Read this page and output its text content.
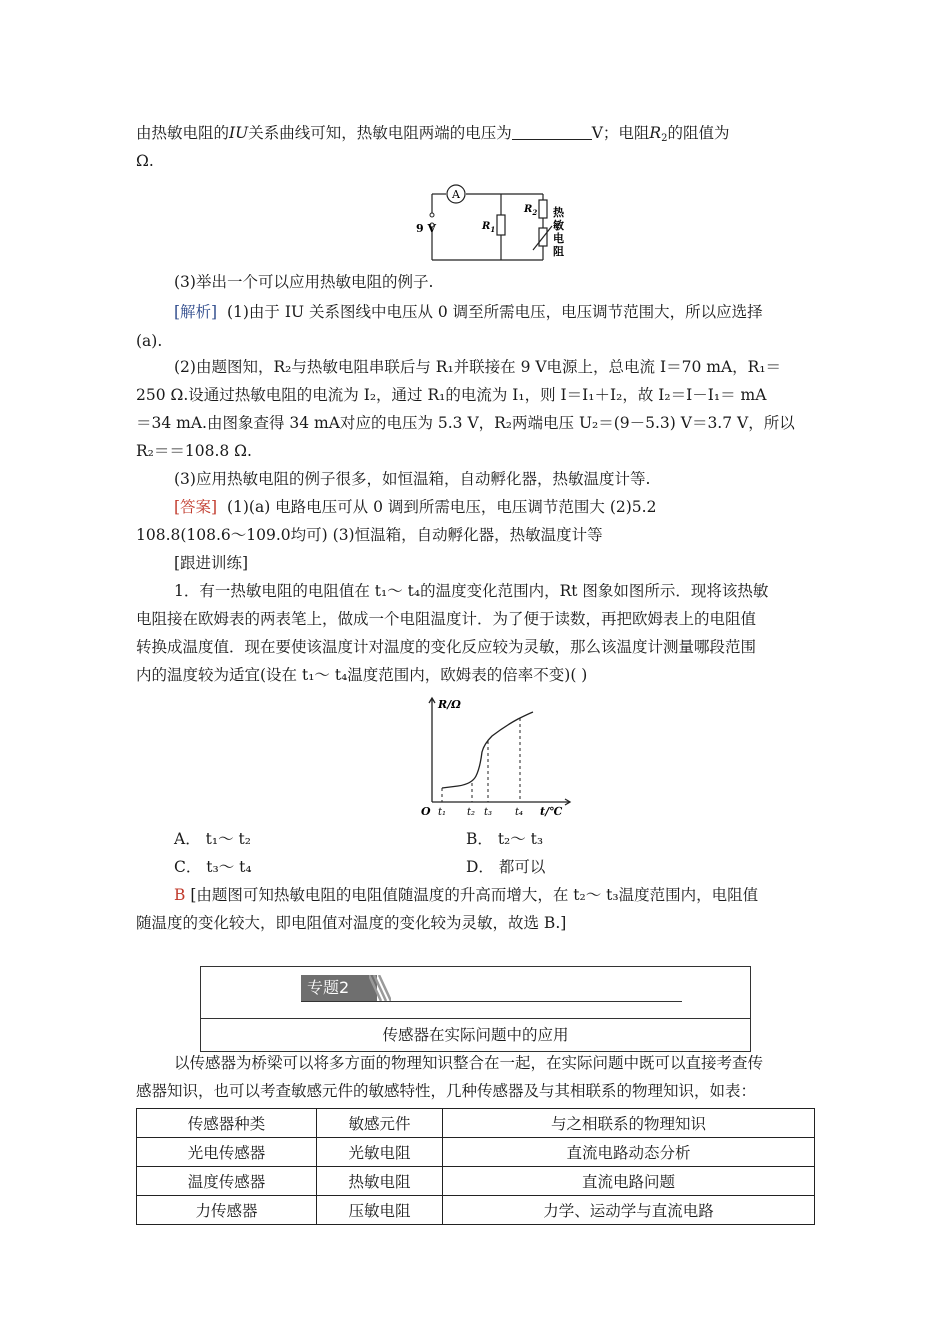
由热敏电阻的IU关系曲线可知，热敏电阻两端的电压为	V；电阻$R_2$的阻值为
Ω.
A
9 V	$R_1$
$R_2$ 热
敏
电
阻
(3)举出一个可以应用热敏电阻的例子.
[解析] (1)由于 IU 关系图线中电压从 0 调至所需电压，电压调节范围大，所以应选择
(a).
(2)由题图知，R₂与热敏电阻串联后与 R₁并联接在 9 V电源上，总电流 I＝70 mA，R₁＝
250 Ω.设通过热敏电阻的电流为 I₂，通过 R₁的电流为 I₁，则 I＝I₁＋I₂，故 I₂＝I－I₁＝ mA
＝34 mA.由图象查得 34 mA对应的电压为 5.3 V，R₂两端电压 U₂＝(9－5.3) V＝3.7 V，所以
R₂＝＝108.8 Ω.
(3)应用热敏电阻的例子很多，如恒温箱，自动孵化器，热敏温度计等.
[答案] (1)(a) 电路电压可从 0 调到所需电压，电压调节范围大 (2)5.2
108.8(108.6～109.0均可) (3)恒温箱，自动孵化器，热敏温度计等
[跟进训练]
1．有一热敏电阻的电阻值在 t₁～ t₄的温度变化范围内，Rt 图象如图所示．现将该热敏
电阻接在欧姆表的两表笔上，做成一个电阻温度计．为了便于读数，再把欧姆表上的电阻值
转换成温度值．现在要使该温度计对温度的变化反应较为灵敏，那么该温度计测量哪段范围
内的温度较为适宜(设在 t₁～ t₄温度范围内，欧姆表的倍率不变)( )
R/Ω
t/℃
O t₁ t₂ t₃ t₄
A． t₁～ t₂	B． t₂～ t₃
C． t₃～ t₄	D． 都可以
B [由题图可知热敏电阻的电阻值随温度的升高而增大，在 t₂～ t₃温度范围内，电阻值
随温度的变化较大，即电阻值对温度的变化较为灵敏，故选 B.]
专题2
传感器在实际问题中的应用
以传感器为桥梁可以将多方面的物理知识整合在一起，在实际问题中既可以直接考查传
感器知识，也可以考查敏感元件的敏感特性，几种传感器及与其相联系的物理知识，如表：
传感器种类	敏感元件	与之相联系的物理知识
光电传感器	光敏电阻	直流电路动态分析
温度传感器	热敏电阻	直流电路问题
力传感器	压敏电阻	力学、运动学与直流电路
